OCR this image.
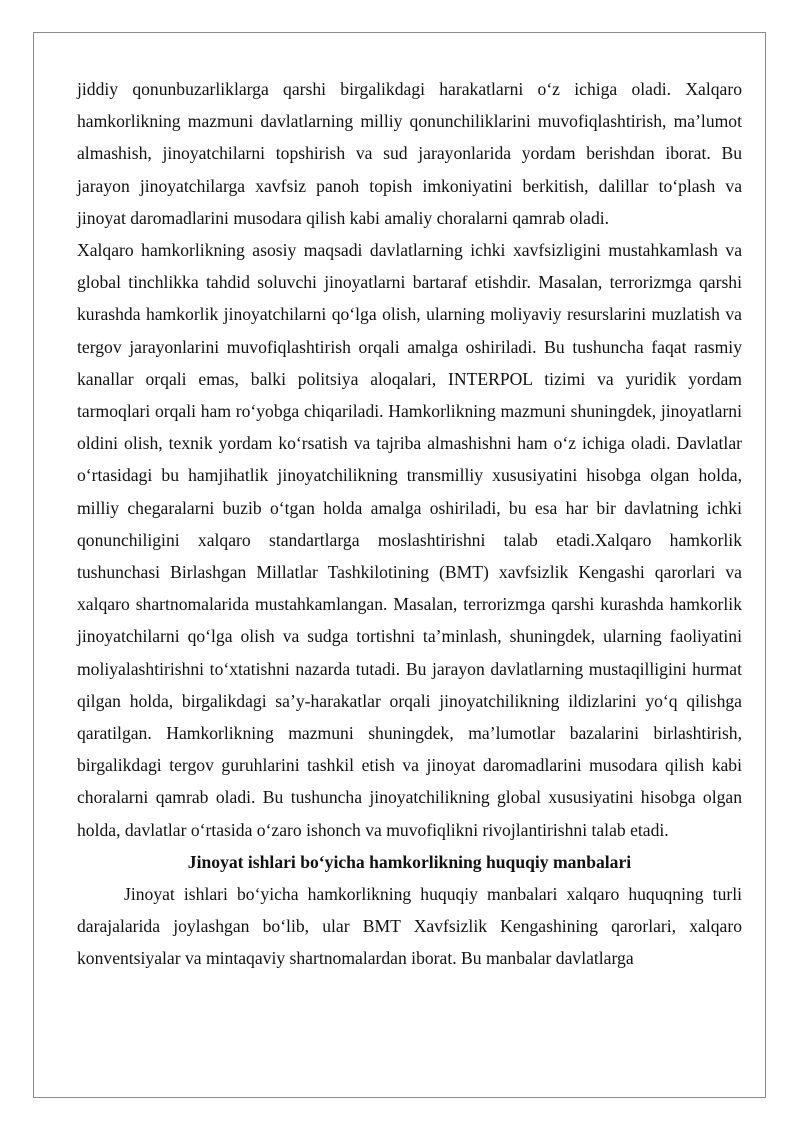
jiddiy qonunbuzarliklarga qarshi birgalikdagi harakatlarni o‘z ichiga oladi. Xalqaro hamkorlikning mazmuni davlatlarning milliy qonunchiliklarini muvofiqlashtirish, ma’lumot almashish, jinoyatchilarni topshirish va sud jarayonlarida yordam berishdan iborat. Bu jarayon jinoyatchilarga xavfsiz panoh topish imkoniyatini berkitish, dalillar to‘plash va jinoyat daromadlarini musodara qilish kabi amaliy choralarni qamrab oladi.

Xalqaro hamkorlikning asosiy maqsadi davlatlarning ichki xavfsizligini mustahkamlash va global tinchlikka tahdid soluvchi jinoyatlarni bartaraf etishdir. Masalan, terrorizmga qarshi kurashda hamkorlik jinoyatchilarni qo‘lga olish, ularning moliyaviy resurslarini muzlatish va tergov jarayonlarini muvofiqlashtirish orqali amalga oshiriladi. Bu tushuncha faqat rasmiy kanallar orqali emas, balki politsiya aloqalari, INTERPOL tizimi va yuridik yordam tarmoqlari orqali ham ro‘yobga chiqariladi. Hamkorlikning mazmuni shuningdek, jinoyatlarni oldini olish, texnik yordam ko‘rsatish va tajriba almashishni ham o‘z ichiga oladi. Davlatlar o‘rtasidagi bu hamjihatlik jinoyatchilikning transmilliy xususiyatini hisobga olgan holda, milliy chegaralarni buzib o‘tgan holda amalga oshiriladi, bu esa har bir davlatning ichki qonunchiligini xalqaro standartlarga moslashtirishni talab etadi.Xalqaro hamkorlik tushunchasi Birlashgan Millatlar Tashkilotining (BMT) xavfsizlik Kengashi qarorlari va xalqaro shartnomalarida mustahkamlangan. Masalan, terrorizmga qarshi kurashda hamkorlik jinoyatchilarni qo‘lga olish va sudga tortishni ta’minlash, shuningdek, ularning faoliyatini moliyalashtirishni to‘xtatishni nazarda tutadi. Bu jarayon davlatlarning mustaqilligini hurmat qilgan holda, birgalikdagi sa’y-harakatlar orqali jinoyatchilikning ildizlarini yo‘q qilishga qaratilgan. Hamkorlikning mazmuni shuningdek, ma’lumotlar bazalarini birlashtirish, birgalikdagi tergov guruhlarini tashkil etish va jinoyat daromadlarini musodara qilish kabi choralarni qamrab oladi. Bu tushuncha jinoyatchilikning global xususiyatini hisobga olgan holda, davlatlar o‘rtasida o‘zaro ishonch va muvofiqlikni rivojlantirishni talab etadi.

Jinoyat ishlari bo‘yicha hamkorlikning huquqiy manbalari

Jinoyat ishlari bo‘yicha hamkorlikning huquqiy manbalari xalqaro huquqning turli darajalarida joylashgan bo‘lib, ular BMT Xavfsizlik Kengashining qarorlari, xalqaro konventsiyalar va mintaqaviy shartnomalardan iborat. Bu manbalar davlatlarga
